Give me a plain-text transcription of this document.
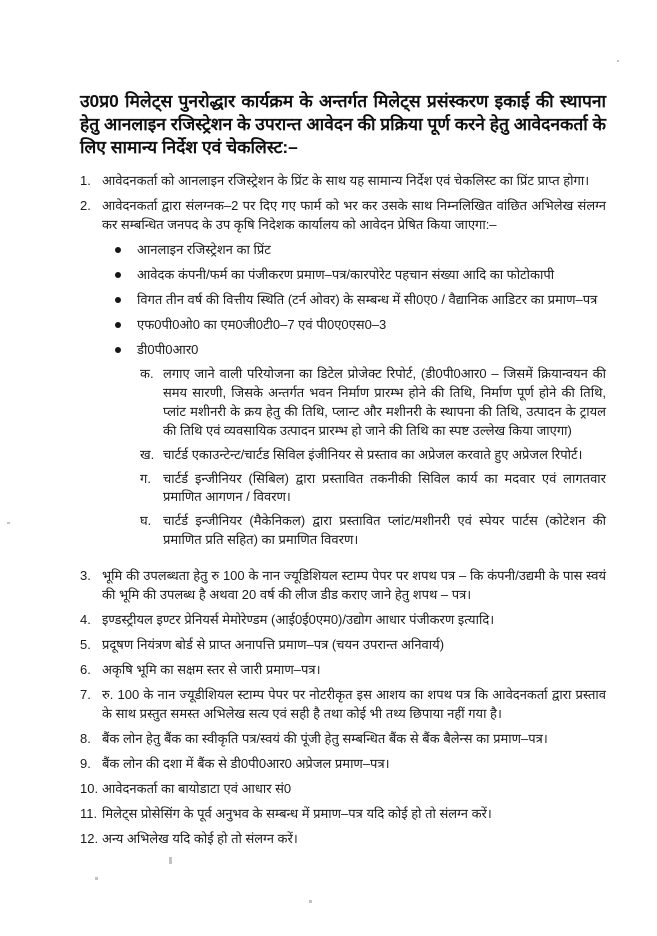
उ0प्र0 मिलेट्स पुनरोद्धार कार्यक्रम के अन्तर्गत मिलेट्स प्रसंस्करण इकाई की स्थापना हेतु आनलाइन रजिस्ट्रेशन के उपरान्त आवेदन की प्रक्रिया पूर्ण करने हेतु आवेदनकर्ता के लिए सामान्य निर्देश एवं चेकलिस्ट:–
1. आवेदनकर्ता को आनलाइन रजिस्ट्रेशन के प्रिंट के साथ यह सामान्य निर्देश एवं चेकलिस्ट का प्रिंट प्राप्त होगा।
2. आवेदनकर्ता द्वारा संलग्नक–2 पर दिए गए फार्म को भर कर उसके साथ निम्नलिखित वांछित अभिलेख संलग्न कर सम्बन्धित जनपद के उप कृषि निदेशक कार्यालय को आवेदन प्रेषित किया जाएगा:–
आनलाइन रजिस्ट्रेशन का प्रिंट
आवेदक कंपनी/फर्म का पंजीकरण प्रमाण–पत्र/कारपोरेट पहचान संख्या आदि का फोटोकापी
विगत तीन वर्ष की वित्तीय स्थिति (टर्न ओवर) के सम्बन्ध में सी0ए0 / वैद्यानिक आडिटर का प्रमाण–पत्र
एफ0पी0ओ0 का एम0जी0टी0–7 एवं पी0ए0एस0–3
डी0पी0आर0
क. लगाए जाने वाली परियोजना का डिटेल प्रोजेक्ट रिपोर्ट, (डी0पी0आर0 – जिसमें क्रियान्वयन की समय सारणी, जिसके अन्तर्गत भवन निर्माण प्रारम्भ होने की तिथि, निर्माण पूर्ण होने की तिथि, प्लांट मशीनरी के क्रय हेतु की तिथि, प्लान्ट और मशीनरी के स्थापना की तिथि, उत्पादन के ट्रायल की तिथि एवं व्यवसायिक उत्पादन प्रारम्भ हो जाने की तिथि का स्पष्ट उल्लेख किया जाएगा)
ख. चार्टर्ड एकाउन्टेन्ट/चार्टड सिविल इंजीनियर से प्रस्ताव का अप्रेजल करवाते हुए अप्रेजल रिपोर्ट।
ग. चार्टर्ड इन्जीनियर (सिबिल) द्वारा प्रस्तावित तकनीकी सिविल कार्य का मदवार एवं लागतवार प्रमाणित आगणन / विवरण।
घ. चार्टर्ड इन्जीनियर (मैकेनिकल) द्वारा प्रस्तावित प्लांट/मशीनरी एवं स्पेयर पार्टस (कोटेशन की प्रमाणित प्रति सहित) का प्रमाणित विवरण।
3. भूमि की उपलब्धता हेतु रु 100 के नान ज्यूडिशियल स्टाम्प पेपर पर शपथ पत्र – कि कंपनी/उद्यमी के पास स्वयं की भूमि की उपलब्ध है अथवा 20 वर्ष की लीज डीड कराए जाने हेतु शपथ – पत्र।
4. इण्डस्ट्रीयल इण्टर प्रेनियर्स मेमोरेण्डम (आई0ई0एम0)/उद्योग आधार पंजीकरण इत्यादि।
5. प्रदूषण नियंत्रण बोर्ड से प्राप्त अनापत्ति प्रमाण–पत्र (चयन उपरान्त अनिवार्य)
6. अकृषि भूमि का सक्षम स्तर से जारी प्रमाण–पत्र।
7. रु. 100 के नान ज्यूडीशियल स्टाम्प पेपर पर नोटरीकृत इस आशय का शपथ पत्र कि आवेदनकर्ता द्वारा प्रस्ताव के साथ प्रस्तुत समस्त अभिलेख सत्य एवं सही है तथा कोई भी तथ्य छिपाया नहीं गया है।
8. बैंक लोन हेतु बैंक का स्वीकृति पत्र/स्वयं की पूंजी हेतु सम्बन्धित बैंक से बैंक बैलेन्स का प्रमाण–पत्र।
9. बैंक लोन की दशा में बैंक से डी0पी0आर0 अप्रेजल प्रमाण–पत्र।
10. आवेदनकर्ता का बायोडाटा एवं आधार सं0
11. मिलेट्स प्रोसेसिंग के पूर्व अनुभव के सम्बन्ध में प्रमाण–पत्र यदि कोई हो तो संलग्न करें।
12. अन्य अभिलेख यदि कोई हो तो संलग्न करें।
